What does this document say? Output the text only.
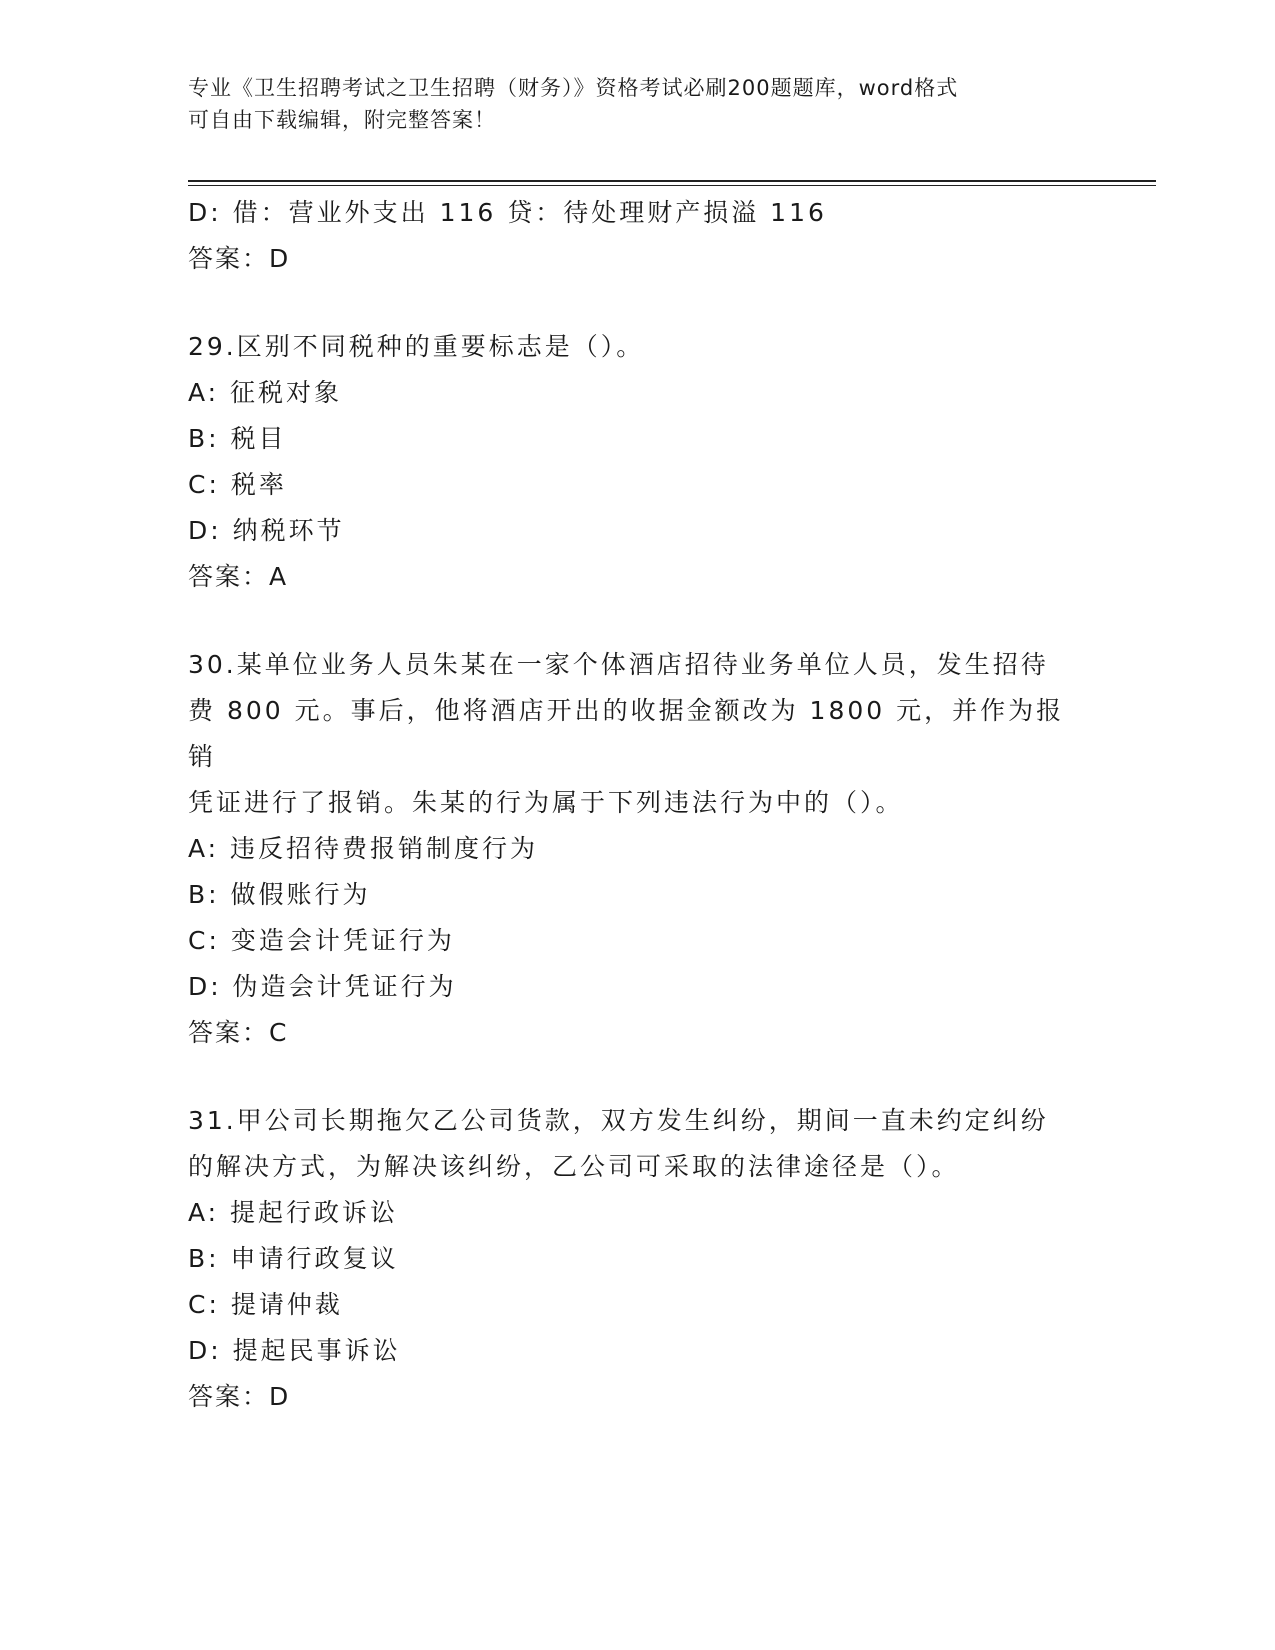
专业《卫生招聘考试之卫生招聘（财务）》资格考试必刷200题题库，word格式
可自由下载编辑，附完整答案！
D: 借：营业外支出 116 贷：待处理财产损溢 116
答案：D
29.区别不同税种的重要标志是（）。
A: 征税对象
B: 税目
C: 税率
D: 纳税环节
答案：A
30.某单位业务人员朱某在一家个体酒店招待业务单位人员，发生招待
费 800 元。事后，他将酒店开出的收据金额改为 1800 元，并作为报销
凭证进行了报销。朱某的行为属于下列违法行为中的（）。
A: 违反招待费报销制度行为
B: 做假账行为
C: 变造会计凭证行为
D: 伪造会计凭证行为
答案：C
31.甲公司长期拖欠乙公司货款，双方发生纠纷，期间一直未约定纠纷
的解决方式，为解决该纠纷，乙公司可采取的法律途径是（）。
A: 提起行政诉讼
B: 申请行政复议
C: 提请仲裁
D: 提起民事诉讼
答案：D
